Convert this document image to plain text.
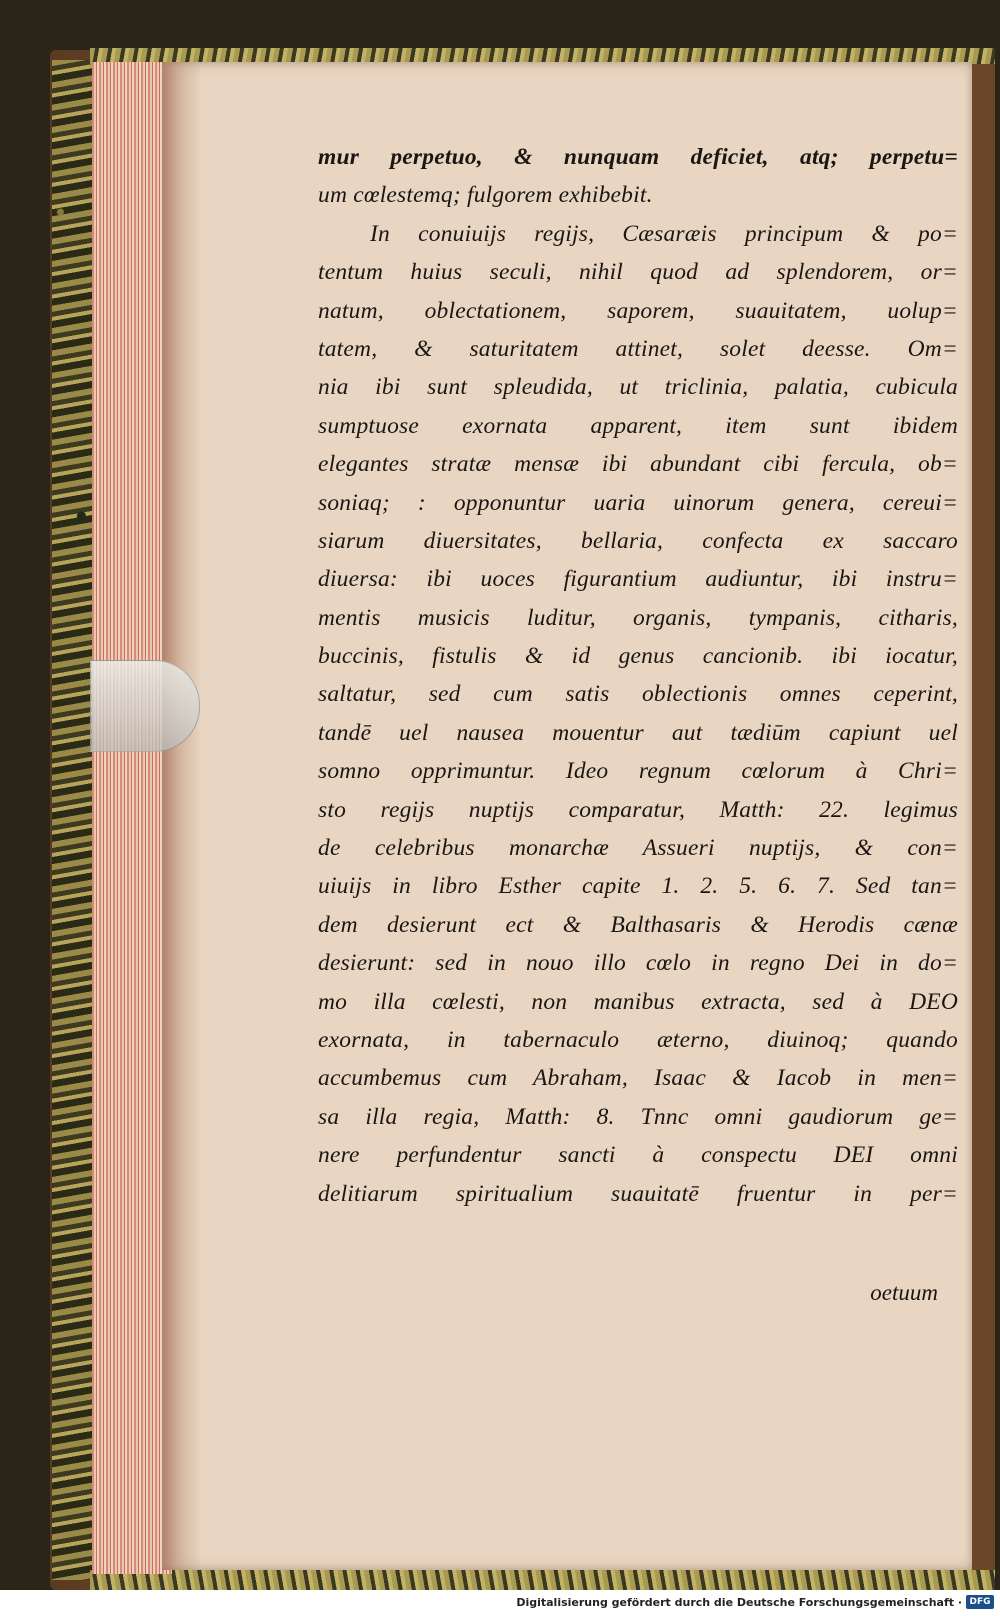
mur perpetuo, & nunquam deficiet, atq; perpetu=
um cœlestemq; fulgorem exhibebit.
In conuiuijs regijs, Cæsaræis principum & po=
tentum huius seculi, nihil quod ad splendorem, or=
natum, oblectationem, saporem, suauitatem, uolup=
tatem, & saturitatem attinet, solet deesse. Om=
nia ibi sunt spleudida, ut triclinia, palatia, cubicula
sumptuose exornata apparent, item sunt ibidem
elegantes stratæ mensæ ibi abundant cibi fercula, ob=
soniaq; : opponuntur uaria uinorum genera, cereui=
siarum diuersitates, bellaria, confecta ex saccaro
diuersa: ibi uoces figurantium audiuntur, ibi instru=
mentis musicis luditur, organis, tympanis, citharis,
buccinis, fistulis & id genus cancionib. ibi iocatur,
saltatur, sed cum satis oblectionis omnes ceperint,
tandē uel nausea mouentur aut tædiūm capiunt uel
somno opprimuntur. Ideo regnum cœlorum à Chri=
sto regijs nuptijs comparatur, Matth: 22. legimus
de celebribus monarchæ Assueri nuptijs, & con=
uiuijs in libro Esther capite 1. 2. 5. 6. 7. Sed tan=
dem desierunt ect & Balthasaris & Herodis cænæ
desierunt: sed in nouo illo cœlo in regno Dei in do=
mo illa cœlesti, non manibus extracta, sed à DEO
exornata, in tabernaculo æterno, diuinoq; quando
accumbemus cum Abraham, Isaac & Iacob in men=
sa illa regia, Matth: 8. Tnnc omni gaudiorum ge=
nere perfundentur sancti à conspectu DEI omni
delitiarum spiritualium suauitatē fruentur in per=
oetuum
Digitalisierung gefördert durch die Deutsche Forschungsgemeinschaft · DFG
